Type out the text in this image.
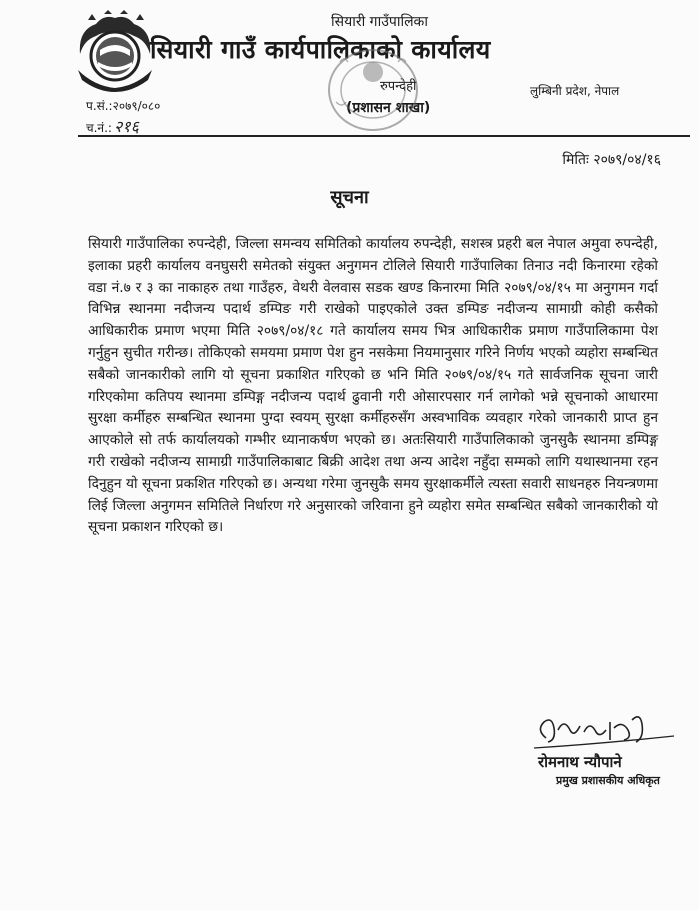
सियारी गाउँपालिका
सियारी गाउँ कार्यपालिकाको कार्यालय
रुपन्देही
(प्रशासन शाखा)
लुम्बिनी प्रदेश, नेपाल
प.सं.:२०७९/०८०
च.नं.: २१६
मितिः २०७९/०४/१६
सूचना
सियारी गाउँपालिका रुपन्देही, जिल्ला समन्वय समितिको कार्यालय रुपन्देही, सशस्त्र प्रहरी बल नेपाल अमुवा रुपन्देही, इलाका प्रहरी कार्यालय वनघुसरी समेतको संयुक्त अनुगमन टोलिले सियारी गाउँपालिका तिनाउ नदी किनारमा रहेको वडा नं.७ र ३ का नाकाहरु तथा गाउँहरु, वेथरी वेलवास सडक खण्ड किनारमा मिति २०७९/०४/१५ मा अनुगमन गर्दा विभिन्न स्थानमा नदीजन्य पदार्थ डम्पिङ गरी राखेको पाइएकोले उक्त डम्पिङ नदीजन्य सामाग्री कोही कसैको आधिकारीक प्रमाण भएमा मिति २०७९/०४/१८ गते कार्यालय समय भित्र आधिकारीक प्रमाण गाउँपालिकामा पेश गर्नुहुन सुचीत गरीन्छ। तोकिएको समयमा प्रमाण पेश हुन नसकेमा नियमानुसार गरिने निर्णय भएको व्यहोरा सम्बन्धित सबैको जानकारीको लागि यो सूचना प्रकाशित गरिएको छ भनि मिति २०७९/०४/१५ गते सार्वजनिक सूचना जारी गरिएकोमा कतिपय स्थानमा डम्पिङ्ग नदीजन्य पदार्थ ढुवानी गरी ओसारपसार गर्न लागेको भन्ने सूचनाको आधारमा सुरक्षा कर्मीहरु सम्बन्धित स्थानमा पुग्दा स्वयम् सुरक्षा कर्मीहरुसँग अस्वभाविक व्यवहार गरेको जानकारी प्राप्त हुन आएकोले सो तर्फ कार्यालयको गम्भीर ध्यानाकर्षण भएको छ। अतःसियारी गाउँपालिकाको जुनसुकै स्थानमा डम्पिङ्ग गरी राखेको नदीजन्य सामाग्री गाउँपालिकाबाट बिक्री आदेश तथा अन्य आदेश नहुँदा सम्मको लागि यथास्थानमा रहन दिनुहुन यो सूचना प्रकशित गरिएको छ। अन्यथा गरेमा जुनसुकै समय सुरक्षाकर्मीले त्यस्ता सवारी साधनहरु नियन्त्रणमा लिई जिल्ला अनुगमन समितिले निर्धारण गरे अनुसारको जरिवाना हुने व्यहोरा समेत सम्बन्धित सबैको जानकारीको यो सूचना प्रकाशन गरिएको छ।
रोमनाथ न्यौपाने
प्रमुख प्रशासकीय अधिकृत
